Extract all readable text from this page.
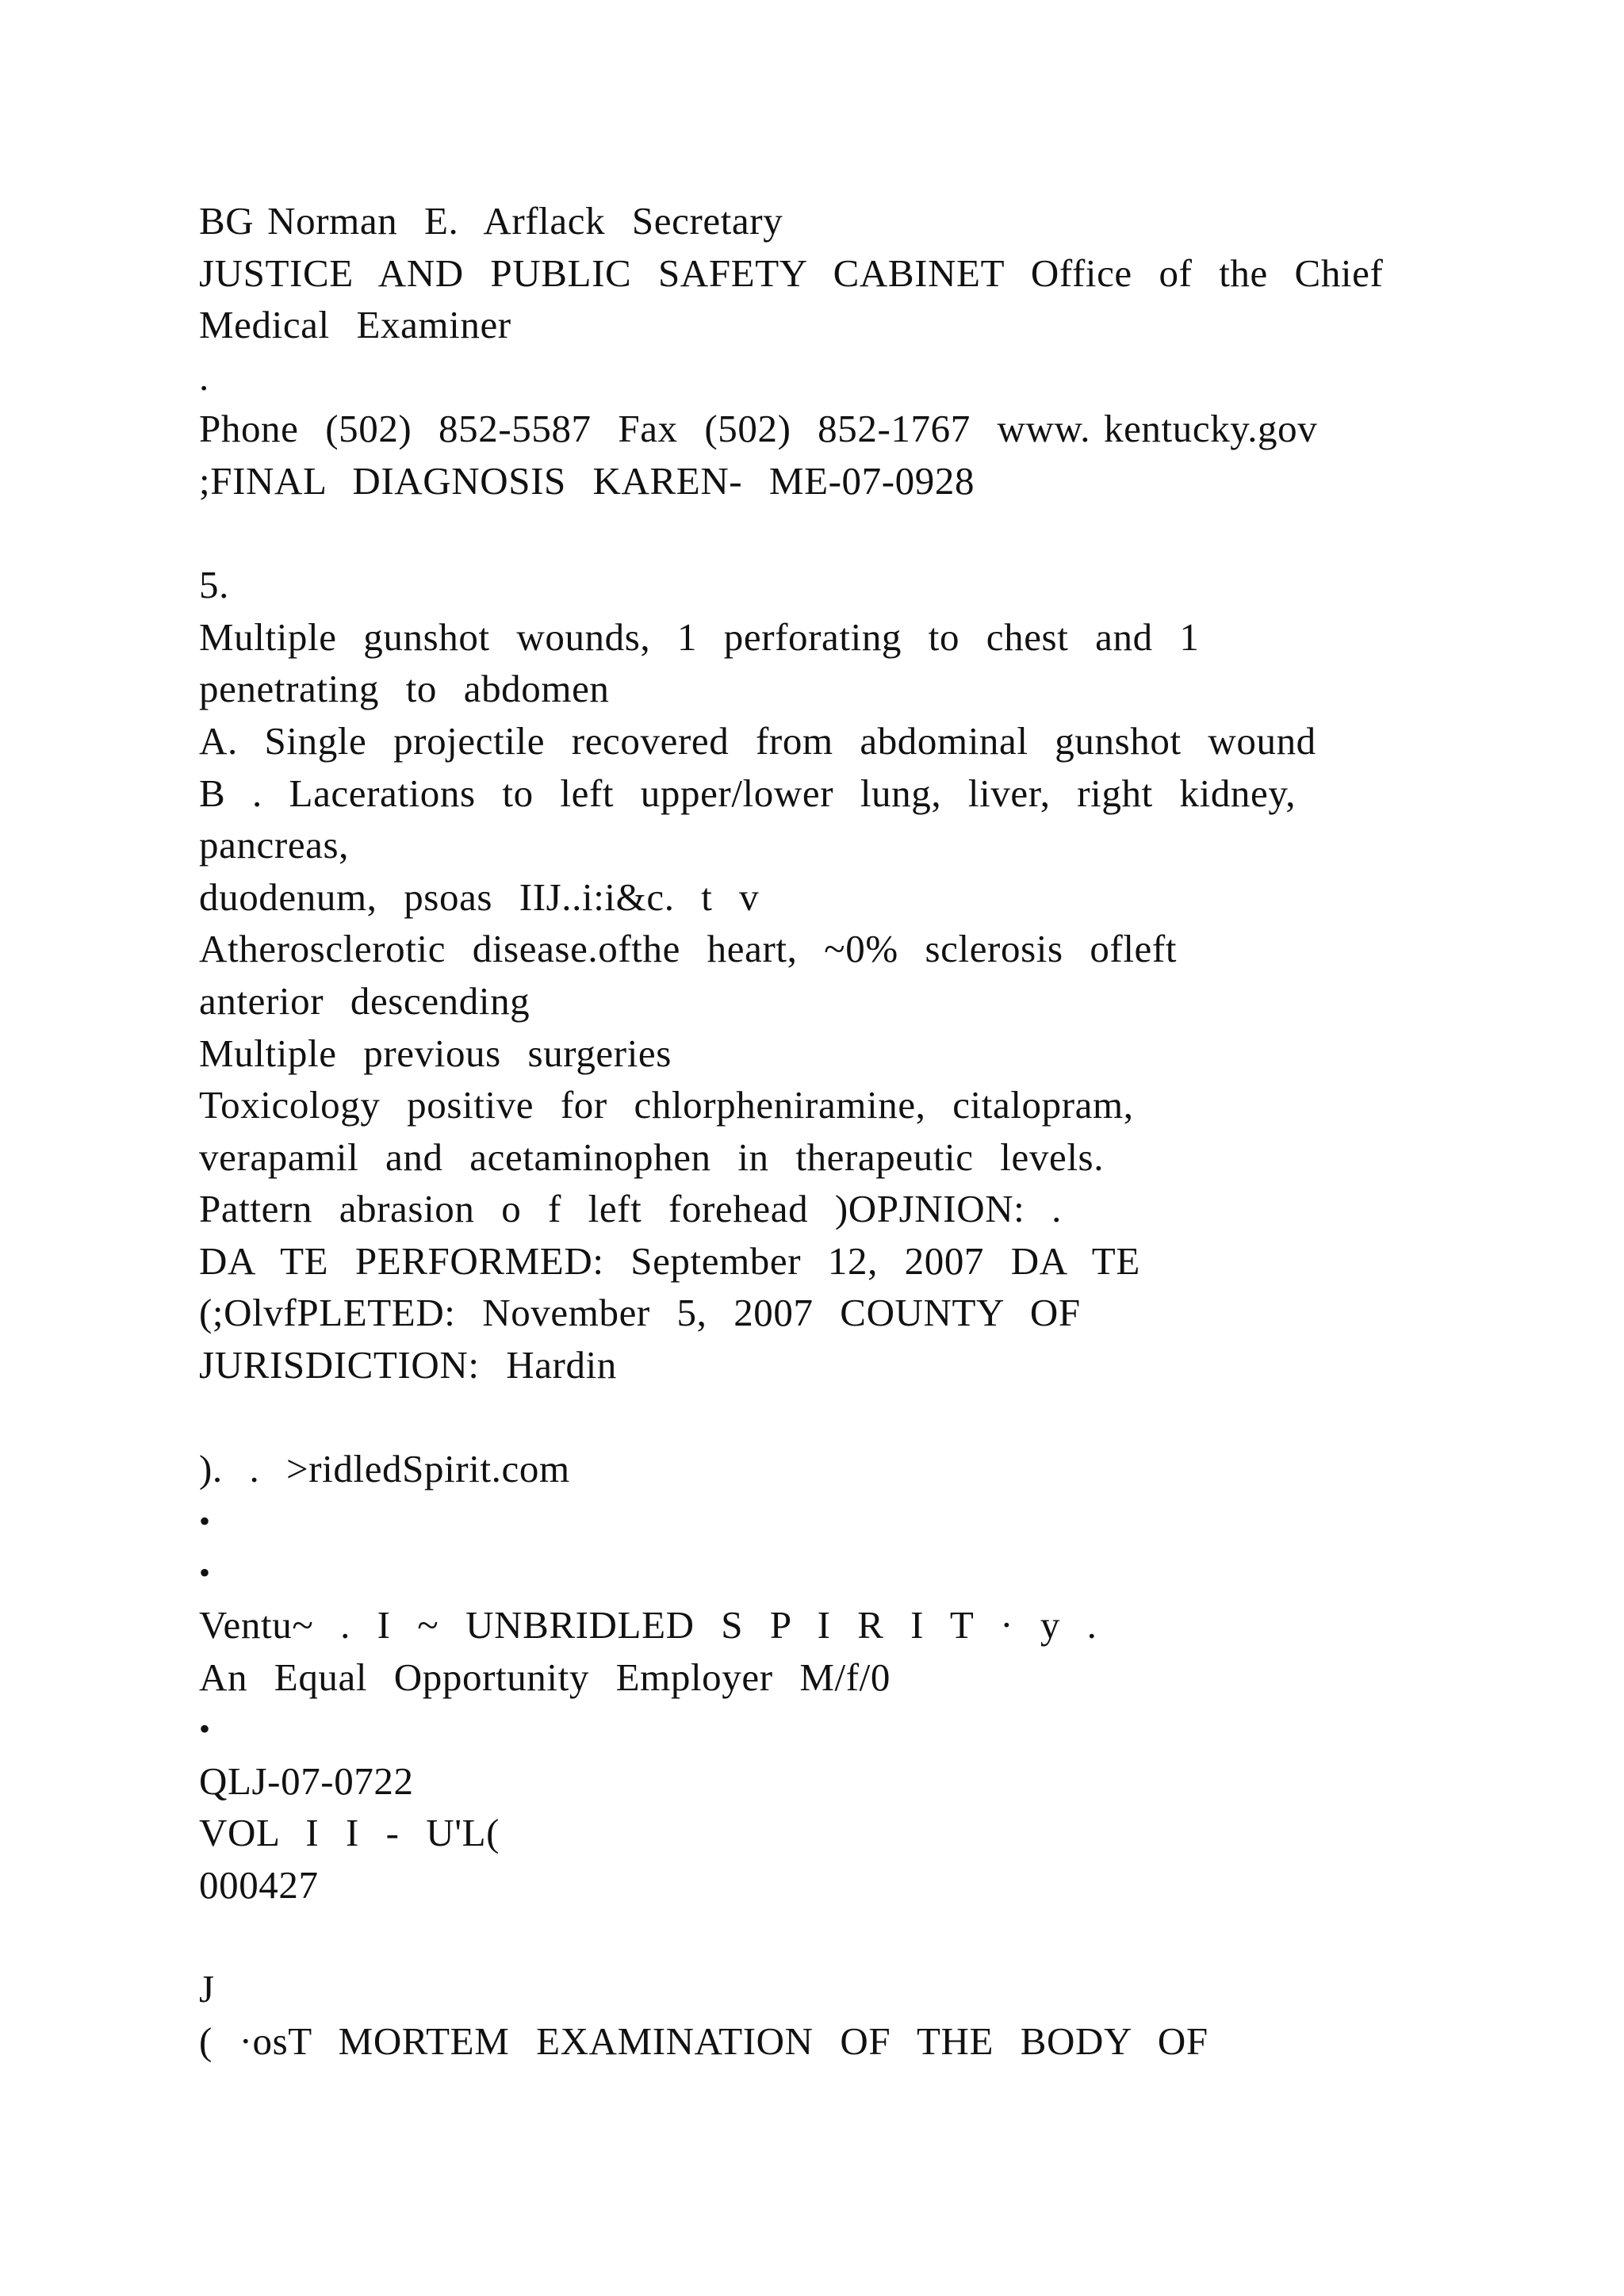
BG Norman  E.  Arflack  Secretary
JUSTICE  AND  PUBLIC  SAFETY  CABINET  Office  of  the  Chief
Medical  Examiner
.
Phone  (502)  852-5587  Fax  (502)  852-1767  www. kentucky.gov
;FINAL  DIAGNOSIS  KAREN-  ME-07-0928
5.
Multiple  gunshot  wounds,  1  perforating  to  chest  and  1
penetrating  to  abdomen
A.  Single  projectile  recovered  from  abdominal  gunshot  wound
B  .  Lacerations  to  left  upper/lower  lung,  liver,  right  kidney,
pancreas,
duodenum,  psoas  IIJ..i:i&c.  t  v
Atherosclerotic  disease.ofthe  heart,  ~0%  sclerosis  ofleft
anterior  descending
Multiple  previous  surgeries
Toxicology  positive  for  chlorpheniramine,  citalopram,
verapamil  and  acetaminophen  in  therapeutic  levels.
Pattern  abrasion  o  f  left  forehead  )OPJNION:  .
DA  TE  PERFORMED:  September  12,  2007  DA  TE
(;OlvfPLETED:  November  5,  2007  COUNTY  OF
JURISDICTION:  Hardin
).  .  >ridledSpirit.com
•
•
Ventu~  .  I  ~  UNBRIDLED  S  P  I  R  I  T  ·  y  .
An  Equal  Opportunity  Employer  M/f/0
•
QLJ-07-0722
VOL  I  I  -  U'L(
000427
J
(  ·osT  MORTEM  EXAMINATION  OF  THE  BODY  OF
